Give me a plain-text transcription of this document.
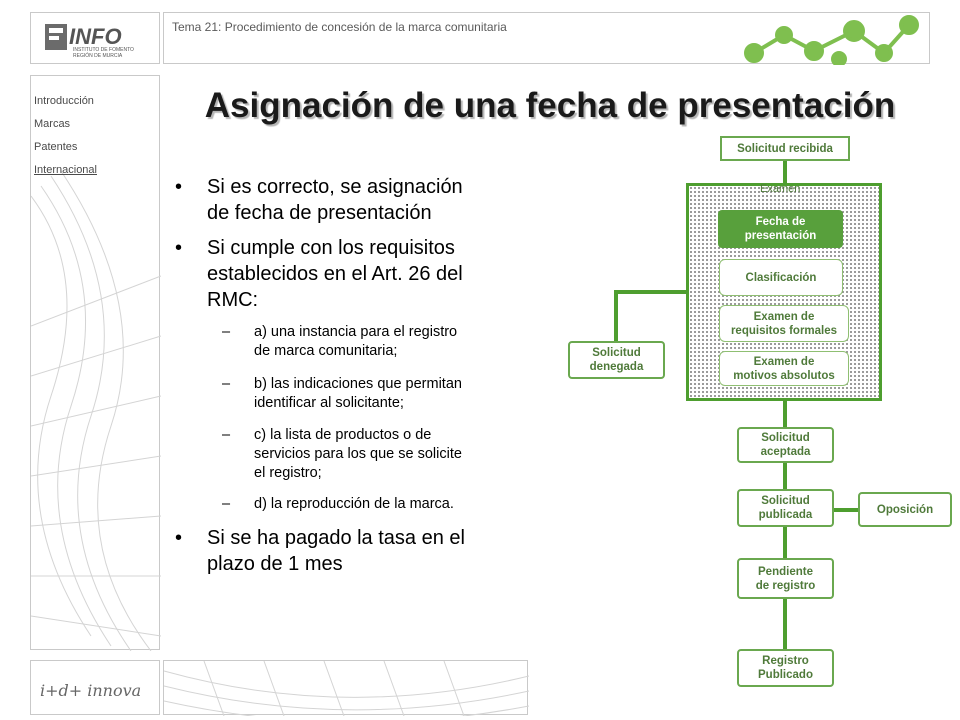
INFO
INSTITUTO DE FOMENTO
REGIÓN DE MURCIA
Tema 21: Procedimiento de concesión de la marca comunitaria
Introducción
Marcas
Patentes
Internacional
i+d+ innova
Asignación de una fecha de presentación
• Si es correcto, se asignación
de fecha de presentación
• Si cumple con los requisitos
establecidos en el Art. 26 del
RMC:
– a) una instancia para el registro
de marca comunitaria;
– b) las indicaciones que permitan
identificar al solicitante;
– c) la lista de productos o de
servicios para los que se solicite
el registro;
– d) la reproducción de la marca.
• Si se ha pagado la tasa en el
plazo de 1 mes
Examen
Solicitud recibida
Fecha de
presentación
Clasificación
Examen de
requisitos formales
Examen de
motivos absolutos
Solicitud
denegada
Solicitud
aceptada
Solicitud
publicada	Oposición
Pendiente
de registro
Registro
Publicado
